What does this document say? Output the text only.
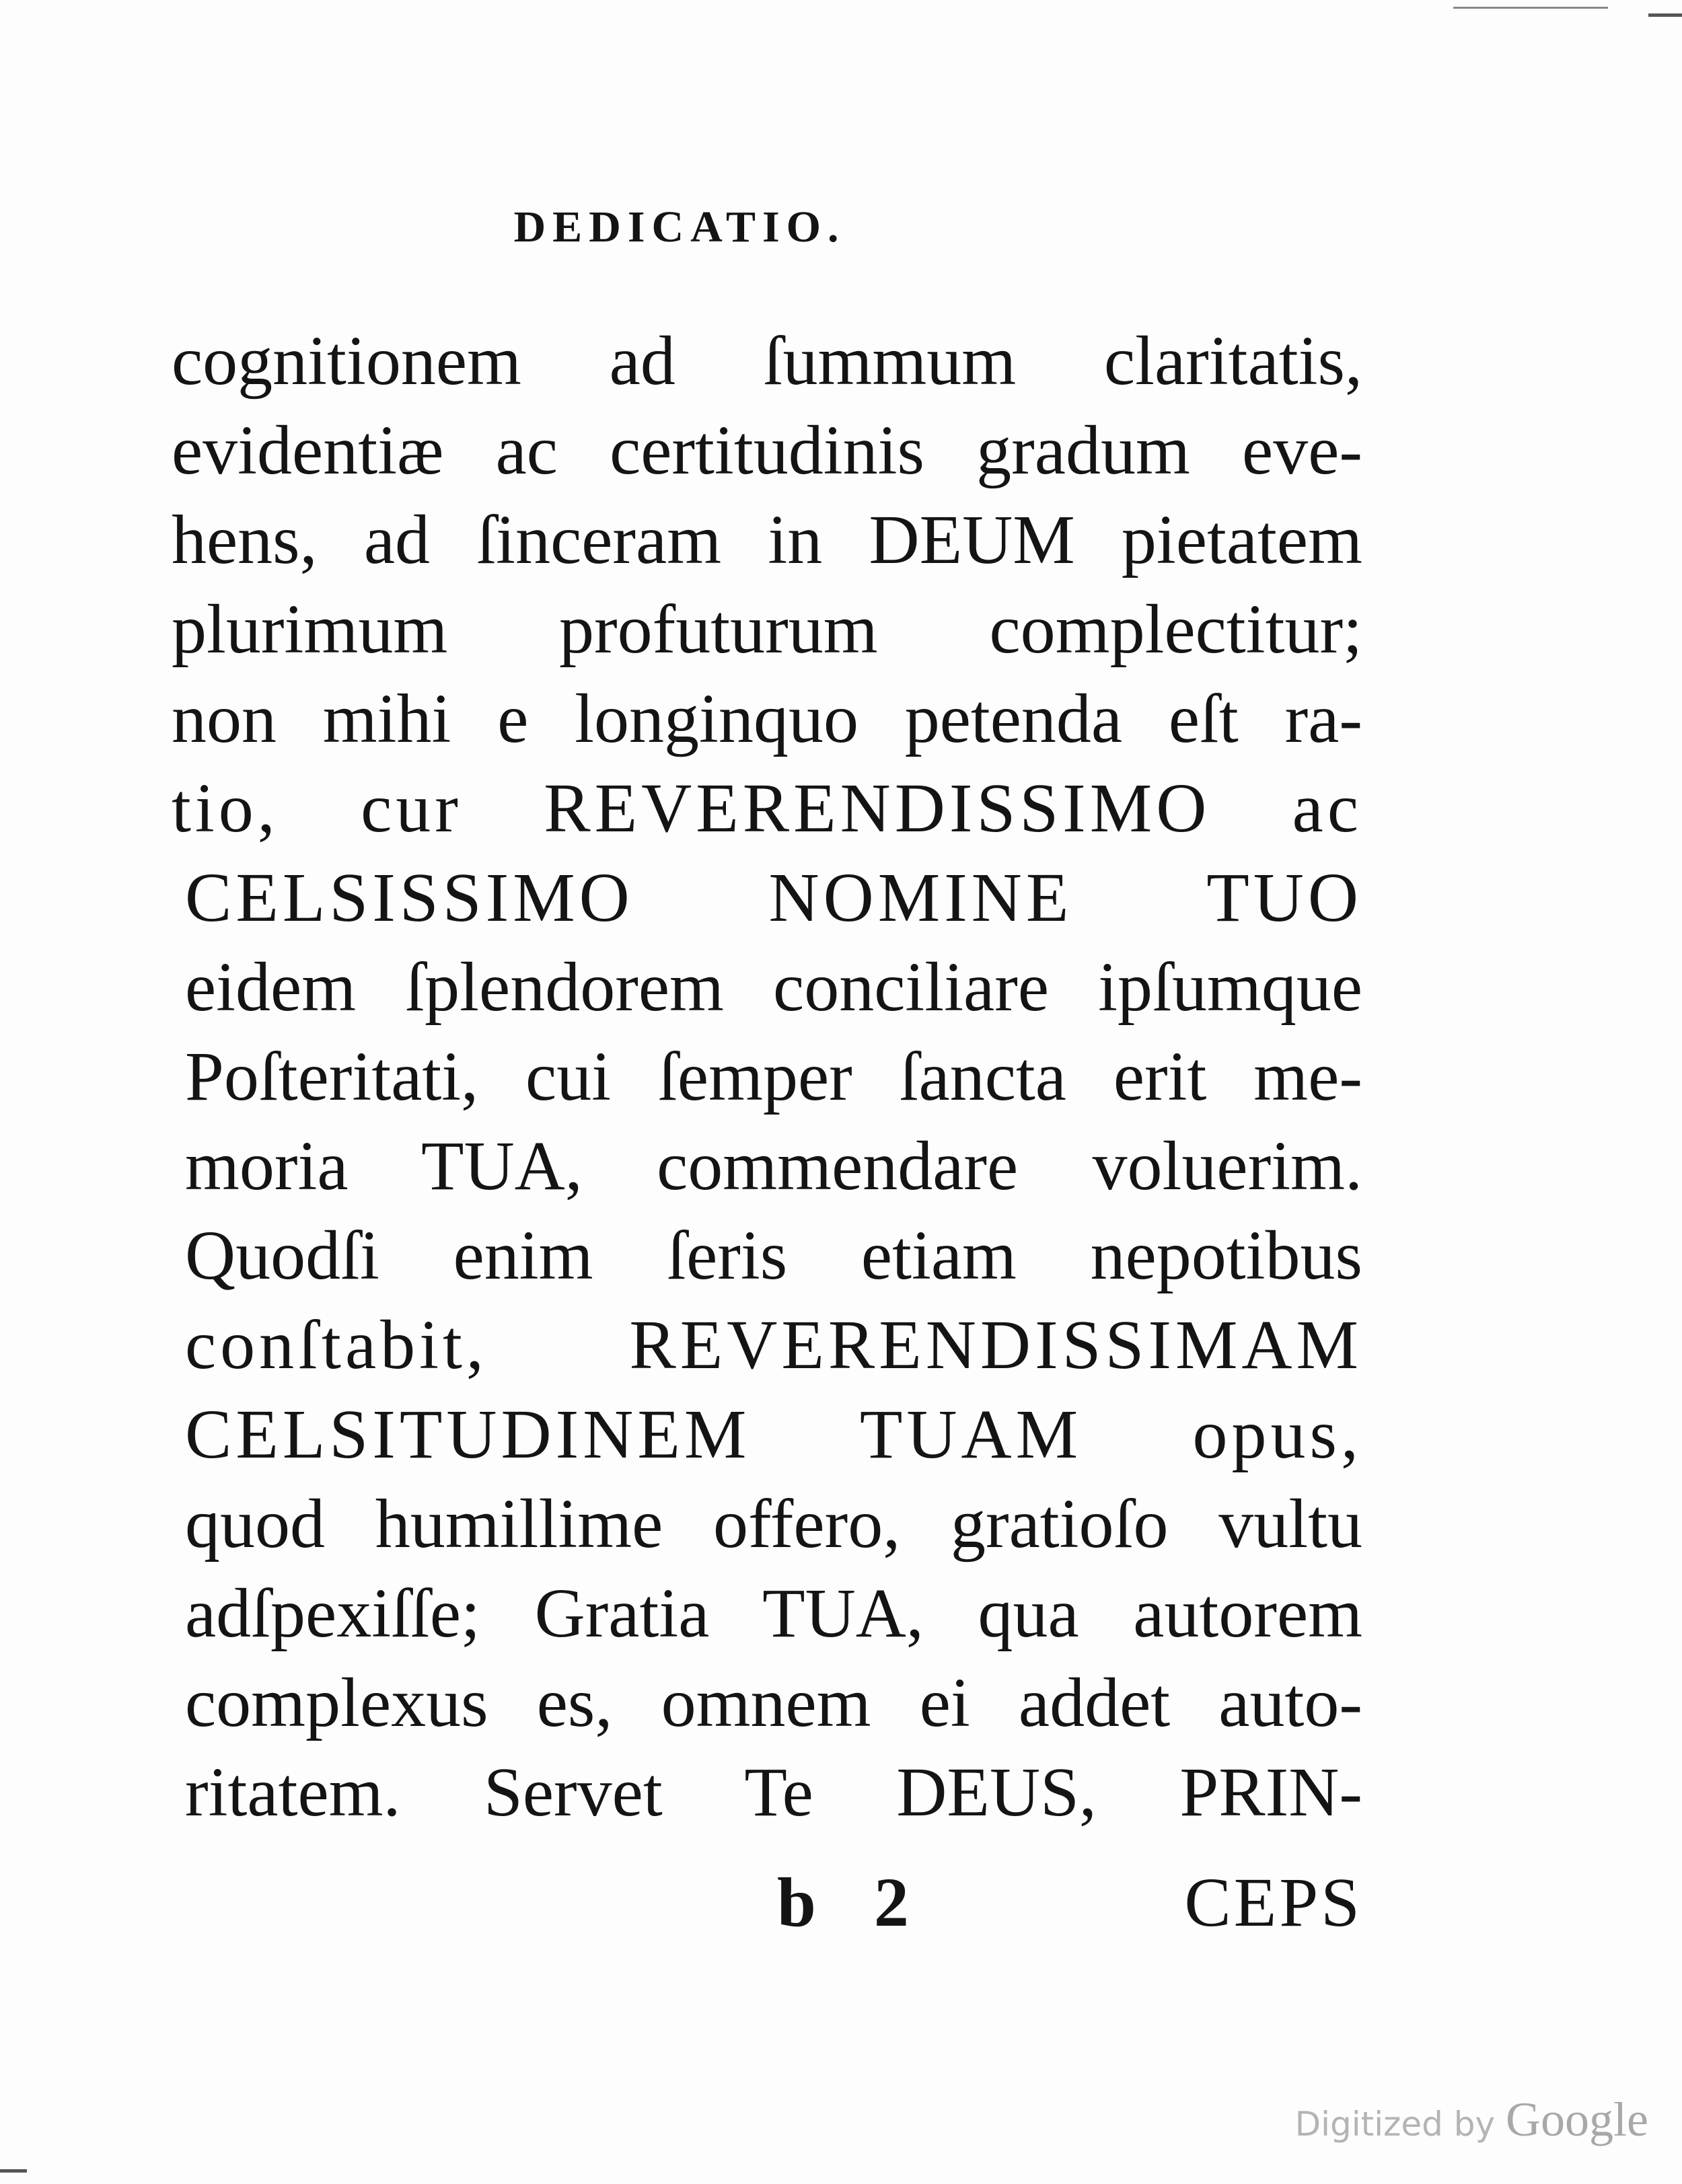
DEDICATIO.
cognitionem ad ſummum claritatis,
evidentiæ ac certitudinis gradum eve-
hens, ad ſinceram in DEUM pietatem
plurimum profuturum complectitur;
non mihi e longinquo petenda eſt ra-
tio, cur REVERENDISSIMO ac
CELSISSIMO NOMINE TUO
eidem ſplendorem conciliare ipſumque
Poſteritati, cui ſemper ſancta erit me-
moria TUA, commendare voluerim.
Quodſi enim ſeris etiam nepotibus
conſtabit, REVERENDISSIMAM
CELSITUDINEM TUAM opus,
quod humillime offero, gratioſo vultu
adſpexiſſe; Gratia TUA, qua autorem
complexus es, omnem ei addet auto-
ritatem. Servet Te DEUS, PRIN-
b 2	CEPS
Digitized by Google
